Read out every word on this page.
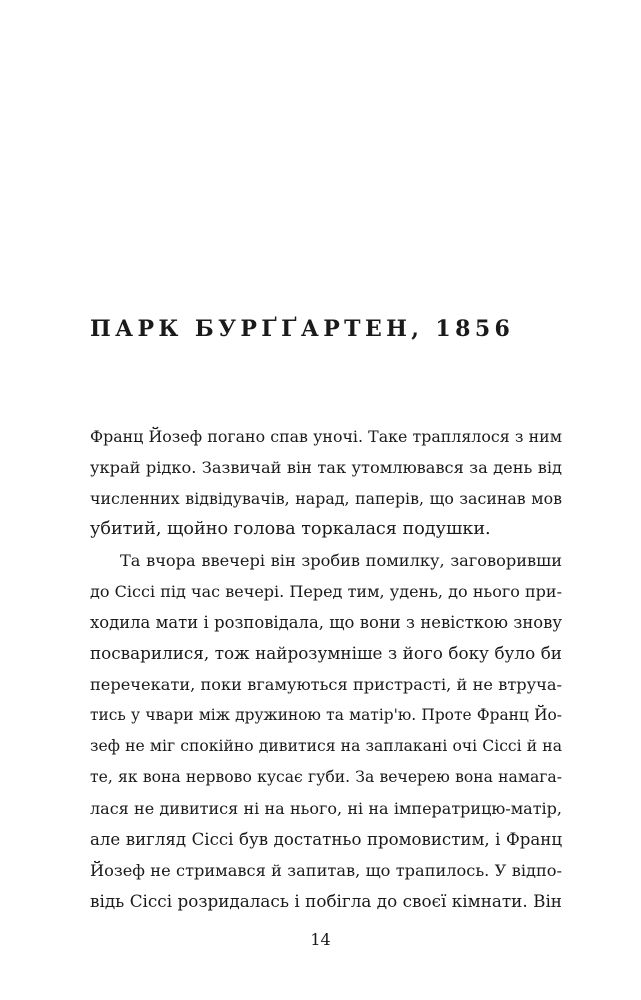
ПАРК БУРҐҐАРТЕН, 1856
Франц Йозеф погано спав уночі. Таке траплялося з ним
украй рідко. Зазвичай він так утомлювався за день від
численних відвідувачів, нарад, паперів, що засинав мов
убитий, щойно голова торкалася подушки.
Та вчора ввечері він зробив помилку, заговоривши
до Сіссі під час вечері. Перед тим, удень, до нього при-
ходила мати і розповідала, що вони з невісткою знову
посварилися, тож найрозумніше з його боку було би
перечекати, поки вгамуються пристрасті, й не втруча-
тись у чвари між дружиною та матір'ю. Проте Франц Йо-
зеф не міг спокійно дивитися на заплакані очі Сіссі й на
те, як вона нервово кусає губи. За вечерею вона намага-
лася не дивитися ні на нього, ні на імператрицю-матір,
але вигляд Сіссі був достатньо промовистим, і Франц
Йозеф не стримався й запитав, що трапилось. У відпо-
відь Сіссі розридалась і побігла до своєї кімнати. Він
14
